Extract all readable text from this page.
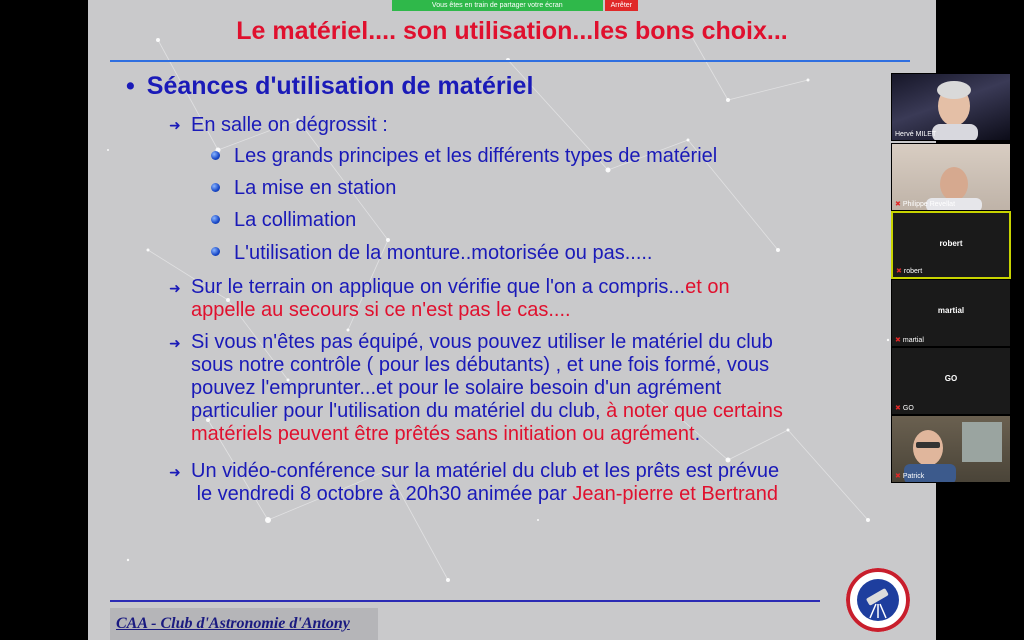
Le matériel.... son utilisation...les bons choix...
• Séances d'utilisation de matériel
➜ En salle on dégrossit :
Les grands principes et les différents types de matériel
La mise en station
La collimation
L'utilisation de la monture..motorisée ou pas.....
➜ Sur le terrain on applique on vérifie que l'on a compris...et on
appelle au secours si ce n'est pas le cas....
➜ Si vous n'êtes pas équipé, vous pouvez utiliser le matériel du club
sous notre contrôle ( pour les débutants) , et une fois formé, vous
pouvez l'emprunter...et pour le solaire besoin d'un agrément
particulier pour l'utilisation du matériel du club, à noter que certains
matériels peuvent être prêtés sans initiation ou agrément.
➜ Un vidéo-conférence sur la matériel du club et les prêts est prévue
le vendredi 8 octobre à 20h30 animée par Jean-pierre et Bertrand
CAA - Club d'Astronomie d'Antony
Vous êtes en train de partager votre écran	Arrêter
Hervé MILET
✖ Philippe Revellat
robert
✖ robert
martial
✖ martial
GO
✖ GO
✖ Patrick
